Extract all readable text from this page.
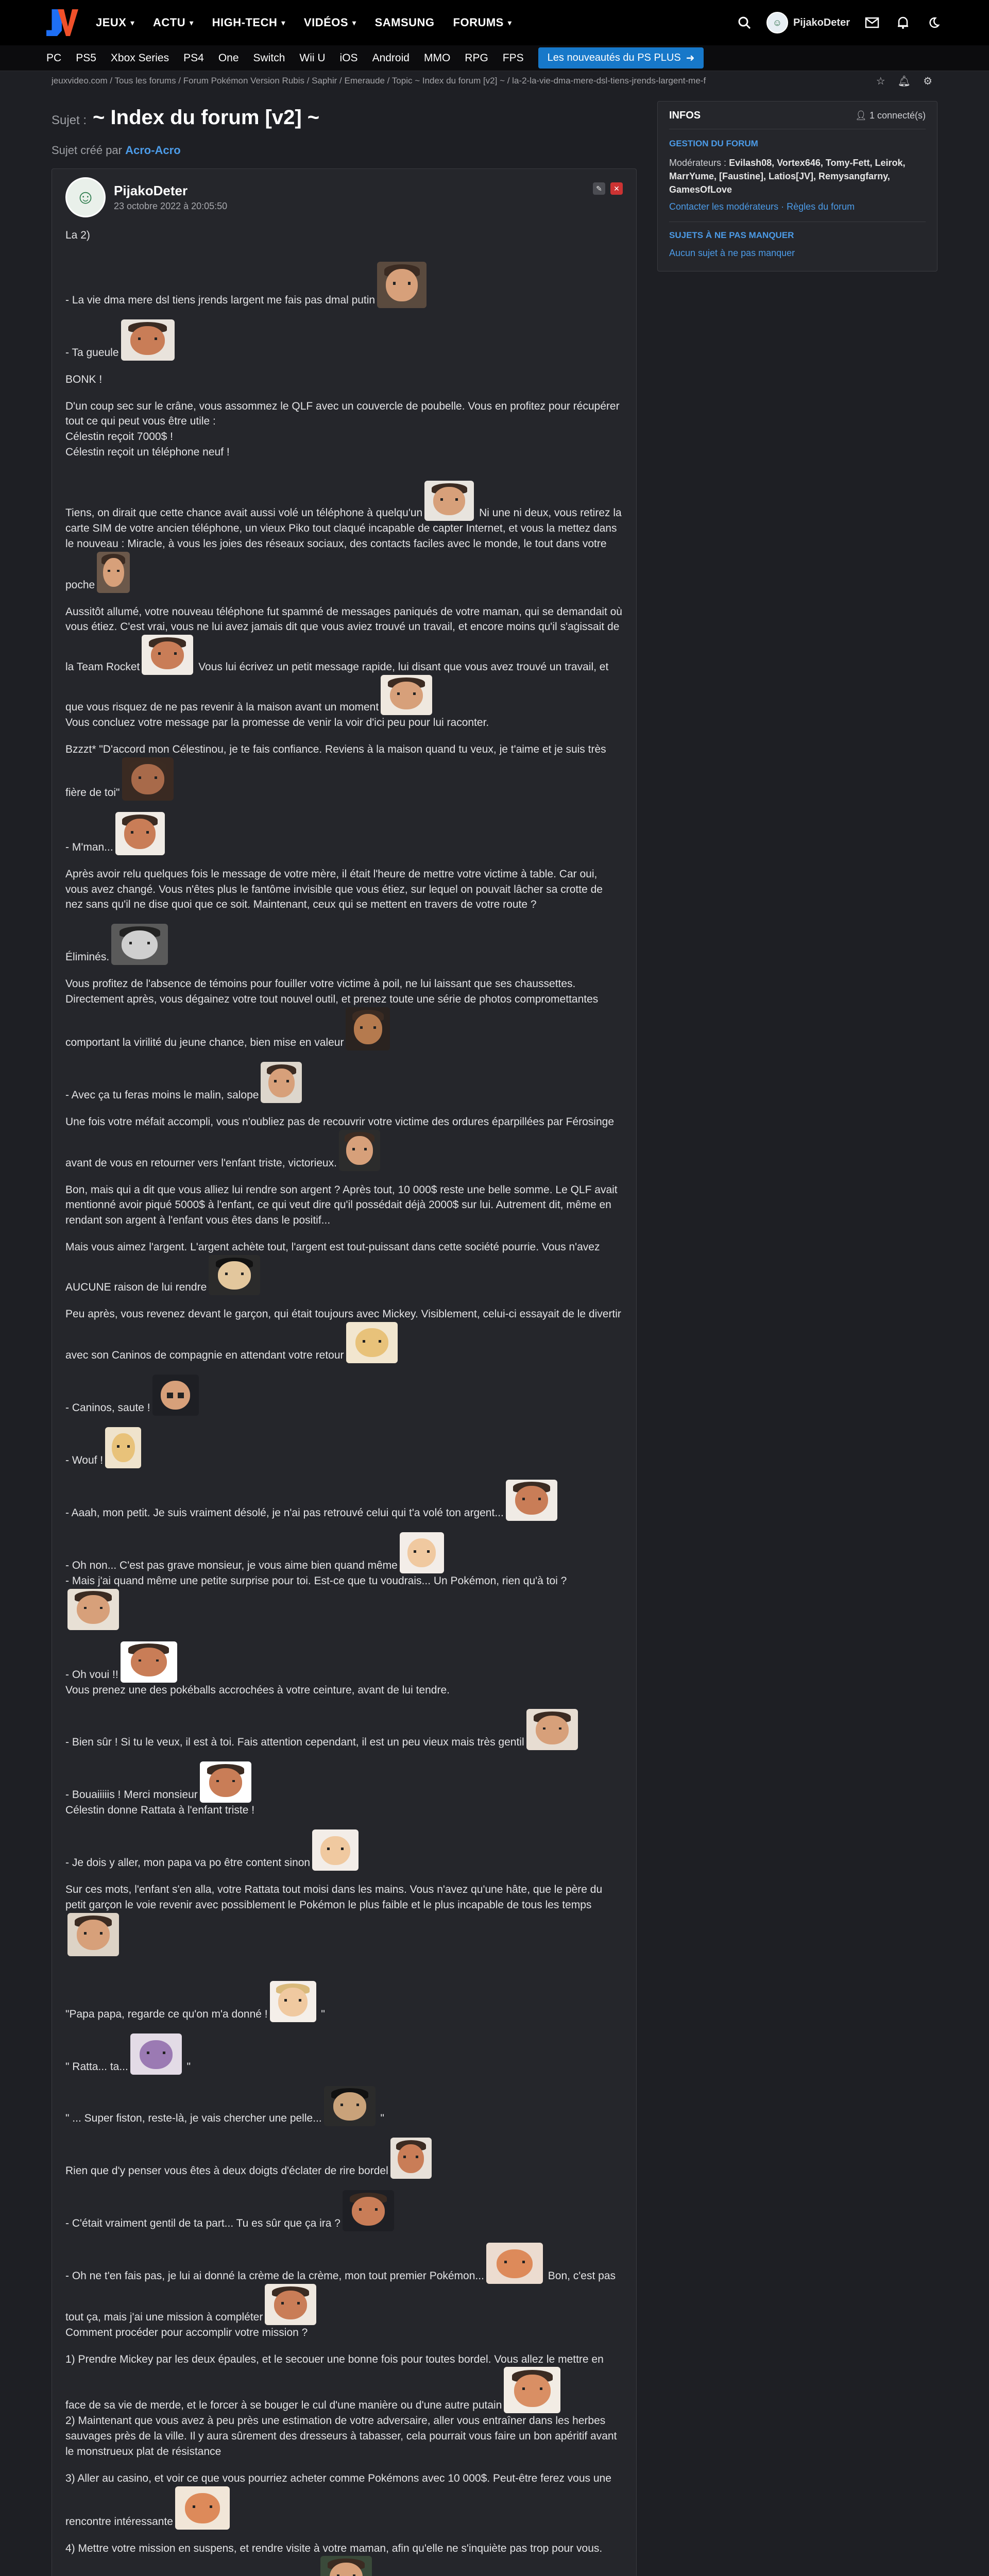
JEUX ▾ ACTU ▾ HIGH-TECH ▾ VIDÉOS ▾ SAMSUNG FORUMS ▾	☺	PijakoDeter
PC PS5 Xbox Series PS4 One Switch Wii U iOS Android MMO RPG FPS Les nouveautés du PS PLUS ➜
jeuxvideo.com / Tous les forums / Forum Pokémon Version Rubis / Saphir / Emeraude / Topic ~ Index du forum [v2] ~ / la-2-la-vie-dma-mere-dsl-tiens-jrends-largent-me-f	☆ 🔔︎ ⚙
Sujet : ~ Index du forum [v2] ~
Sujet créé par Acro-Acro
☺	PijakoDeter
23 octobre 2022 à 20:05:50
✎	✕

La 2)

- La vie dma mere dsl tiens jrends largent me fais pas dmal putin

- Ta gueule

BONK !

D'un coup sec sur le crâne, vous assommez le QLF avec un couvercle de poubelle. Vous en profitez pour récupérer tout ce qui peut vous être utile :

Célestin reçoit 7000$ !

Célestin reçoit un téléphone neuf !

Tiens, on dirait que cette chance avait aussi volé un téléphone à quelqu'un	Ni une ni deux, vous retirez la carte SIM de votre ancien téléphone, un vieux Piko tout claqué incapable de capter Internet, et vous la mettez dans le nouveau : Miracle, à vous les joies des réseaux sociaux, des contacts faciles avec le monde, le tout dans votre poche

Aussitôt allumé, votre nouveau téléphone fut spammé de messages paniqués de votre maman, qui se demandait où vous étiez. C'est vrai, vous ne lui avez jamais dit que vous aviez trouvé un travail, et encore moins qu'il s'agissait de la Team Rocket	Vous lui écrivez un petit message rapide, lui disant que vous avez trouvé un travail, et que vous risquez de ne pas revenir à la maison avant un moment

Vous concluez votre message par la promesse de venir la voir d'ici peu pour lui raconter.

Bzzzt* "D'accord mon Célestinou, je te fais confiance. Reviens à la maison quand tu veux, je t'aime et je suis très fière de toi"

- M'man...

Après avoir relu quelques fois le message de votre mère, il était l'heure de mettre votre victime à table. Car oui, vous avez changé. Vous n'êtes plus le fantôme invisible que vous étiez, sur lequel on pouvait lâcher sa crotte de nez sans qu'il ne dise quoi que ce soit. Maintenant, ceux qui se mettent en travers de votre route ?

Éliminés.

Vous profitez de l'absence de témoins pour fouiller votre victime à poil, ne lui laissant que ses chaussettes. Directement après, vous dégainez votre tout nouvel outil, et prenez toute une série de photos compromettantes comportant la virilité du jeune chance, bien mise en valeur

- Avec ça tu feras moins le malin, salope

Une fois votre méfait accompli, vous n'oubliez pas de recouvrir votre victime des ordures éparpillées par Férosinge avant de vous en retourner vers l'enfant triste, victorieux.

Bon, mais qui a dit que vous alliez lui rendre son argent ? Après tout, 10 000$ reste une belle somme. Le QLF avait mentionné avoir piqué 5000$ à l'enfant, ce qui veut dire qu'il possédait déjà 2000$ sur lui. Autrement dit, même en rendant son argent à l'enfant vous êtes dans le positif...

Mais vous aimez l'argent. L'argent achète tout, l'argent est tout-puissant dans cette société pourrie. Vous n'avez AUCUNE raison de lui rendre

Peu après, vous revenez devant le garçon, qui était toujours avec Mickey. Visiblement, celui-ci essayait de le divertir avec son Caninos de compagnie en attendant votre retour

- Caninos, saute !

- Wouf !

- Aaah, mon petit. Je suis vraiment désolé, je n'ai pas retrouvé celui qui t'a volé ton argent...

- Oh non... C'est pas grave monsieur, je vous aime bien quand même

- Mais j'ai quand même une petite surprise pour toi. Est-ce que tu voudrais... Un Pokémon, rien qu'à toi ?

- Oh voui !!

Vous prenez une des pokéballs accrochées à votre ceinture, avant de lui tendre.

- Bien sûr ! Si tu le veux, il est à toi. Fais attention cependant, il est un peu vieux mais très gentil

- Bouaiiiiis ! Merci monsieur

Célestin donne Rattata à l'enfant triste !

- Je dois y aller, mon papa va po être content sinon

Sur ces mots, l'enfant s'en alla, votre Rattata tout moisi dans les mains. Vous n'avez qu'une hâte, que le père du petit garçon le voie revenir avec possiblement le Pokémon le plus faible et le plus incapable de tous les temps

"Papa papa, regarde ce qu'on m'a donné !	"

" Ratta... ta...	"

" ... Super fiston, reste-là, je vais chercher une pelle...	"

Rien que d'y penser vous êtes à deux doigts d'éclater de rire bordel

- C'était vraiment gentil de ta part... Tu es sûr que ça ira ?

- Oh ne t'en fais pas, je lui ai donné la crème de la crème, mon tout premier Pokémon...	Bon, c'est pas tout ça, mais j'ai une mission à compléter

Comment procéder pour accomplir votre mission ?

1) Prendre Mickey par les deux épaules, et le secouer une bonne fois pour toutes bordel. Vous allez le mettre en face de sa vie de merde, et le forcer à se bouger le cul d'une manière ou d'une autre putain

2) Maintenant que vous avez à peu près une estimation de votre adversaire, aller vous entraîner dans les herbes sauvages près de la ville. Il y aura sûrement des dresseurs à tabasser, cela pourrait vous faire un bon apéritif avant le monstrueux plat de résistance

3) Aller au casino, et voir ce que vous pourriez acheter comme Pokémons avec 10 000$. Peut-être ferez vous une rencontre intéressante

4) Mettre votre mission en suspens, et rendre visite à votre maman, afin qu'elle ne s'inquiète pas trop pour vous.

INFOS	👤︎ 1 connecté(s)
GESTION DU FORUM
Modérateurs : Evilash08, Vortex646, Tomy-Fett, Leirok, MarrYume, [Faustine], Latios[JV], Remysangfarny, GamesOfLove
Contacter les modérateurs · Règles du forum
SUJETS À NE PAS MANQUER
Aucun sujet à ne pas manquer
